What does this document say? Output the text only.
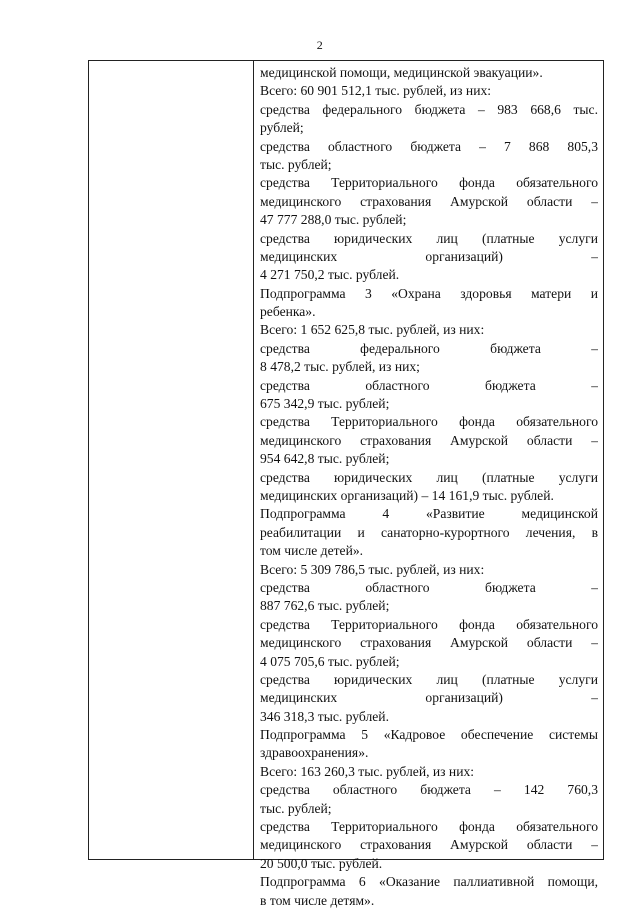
2
медицинской помощи, медицинской эвакуации».
Всего: 60 901 512,1 тыс. рублей, из них:
средства федерального бюджета – 983 668,6 тыс.
рублей;
средства областного бюджета – 7 868 805,3
тыс. рублей;
средства Территориального фонда обязательного
медицинского страхования Амурской области –
47 777 288,0 тыс. рублей;
средства юридических лиц (платные услуги
медицинских организаций) –
4 271 750,2 тыс. рублей.
Подпрограмма 3 «Охрана здоровья матери и
ребенка».
Всего: 1 652 625,8 тыс. рублей, из них:
средства федерального бюджета –
8 478,2 тыс. рублей, из них;
средства областного бюджета –
675 342,9 тыс. рублей;
средства Территориального фонда обязательного
медицинского страхования Амурской области –
954 642,8 тыс. рублей;
средства юридических лиц (платные услуги
медицинских организаций) – 14 161,9 тыс. рублей.
Подпрограмма 4 «Развитие медицинской
реабилитации и санаторно-курортного лечения, в
том числе детей».
Всего: 5 309 786,5 тыс. рублей, из них:
средства областного бюджета –
887 762,6 тыс. рублей;
средства Территориального фонда обязательного
медицинского страхования Амурской области –
4 075 705,6 тыс. рублей;
средства юридических лиц (платные услуги
медицинских организаций) –
346 318,3 тыс. рублей.
Подпрограмма 5 «Кадровое обеспечение системы
здравоохранения».
Всего: 163 260,3 тыс. рублей, из них:
средства областного бюджета – 142 760,3
тыс. рублей;
средства Территориального фонда обязательного
медицинского страхования Амурской области –
20 500,0 тыс. рублей.
Подпрограмма 6 «Оказание паллиативной помощи,
в том числе детям».
